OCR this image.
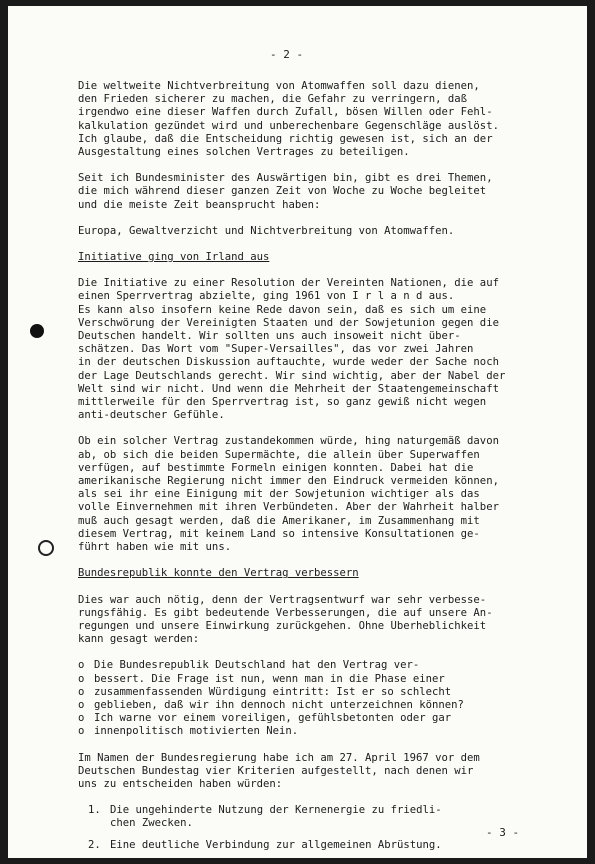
- 2 -
Die weltweite Nichtverbreitung von Atomwaffen soll dazu dienen,
den Frieden sicherer zu machen, die Gefahr zu verringern, daß
irgendwo eine dieser Waffen durch Zufall, bösen Willen oder Fehl-
kalkulation gezündet wird und unberechenbare Gegenschläge auslöst.
Ich glaube, daß die Entscheidung richtig gewesen ist, sich an der
Ausgestaltung eines solchen Vertrages zu beteiligen.
Seit ich Bundesminister des Auswärtigen bin, gibt es drei Themen,
die mich während dieser ganzen Zeit von Woche zu Woche begleitet
und die meiste Zeit beansprucht haben:
Europa, Gewaltverzicht und Nichtverbreitung von Atomwaffen.
Initiative ging von Irland aus
Die Initiative zu einer Resolution der Vereinten Nationen, die auf
einen Sperrvertrag abzielte, ging 1961 von I r l a n d aus.
Es kann also insofern keine Rede davon sein, daß es sich um eine
Verschwörung der Vereinigten Staaten und der Sowjetunion gegen die
Deutschen handelt. Wir sollten uns auch insoweit nicht über-
schätzen. Das Wort vom "Super-Versailles", das vor zwei Jahren
in der deutschen Diskussion auftauchte, wurde weder der Sache noch
der Lage Deutschlands gerecht. Wir sind wichtig, aber der Nabel der
Welt sind wir nicht. Und wenn die Mehrheit der Staatengemeinschaft
mittlerweile für den Sperrvertrag ist, so ganz gewiß nicht wegen
anti-deutscher Gefühle.
Ob ein solcher Vertrag zustandekommen würde, hing naturgemäß davon
ab, ob sich die beiden Supermächte, die allein über Superwaffen
verfügen, auf bestimmte Formeln einigen konnten. Dabei hat die
amerikanische Regierung nicht immer den Eindruck vermeiden können,
als sei ihr eine Einigung mit der Sowjetunion wichtiger als das
volle Einvernehmen mit ihren Verbündeten. Aber der Wahrheit halber
muß auch gesagt werden, daß die Amerikaner, im Zusammenhang mit
diesem Vertrag, mit keinem Land so intensive Konsultationen ge-
führt haben wie mit uns.
Bundesrepublik konnte den Vertrag verbessern
Dies war auch nötig, denn der Vertragsentwurf war sehr verbesse-
rungsfähig. Es gibt bedeutende Verbesserungen, die auf unsere An-
regungen und unsere Einwirkung zurückgehen. Ohne Überheblichkeit
kann gesagt werden:
o Die Bundesrepublik Deutschland hat den Vertrag ver-
o bessert. Die Frage ist nun, wenn man in die Phase einer
o zusammenfassenden Würdigung eintritt: Ist er so schlecht
o geblieben, daß wir ihn dennoch nicht unterzeichnen können?
o Ich warne vor einem voreiligen, gefühlsbetonten oder gar
o innenpolitisch motivierten Nein.
Im Namen der Bundesregierung habe ich am 27. April 1967 vor dem
Deutschen Bundestag vier Kriterien aufgestellt, nach denen wir
uns zu entscheiden haben würden:
1. Die ungehinderte Nutzung der Kernenergie zu friedli-
chen Zwecken.
2. Eine deutliche Verbindung zur allgemeinen Abrüstung.
- 3 -
